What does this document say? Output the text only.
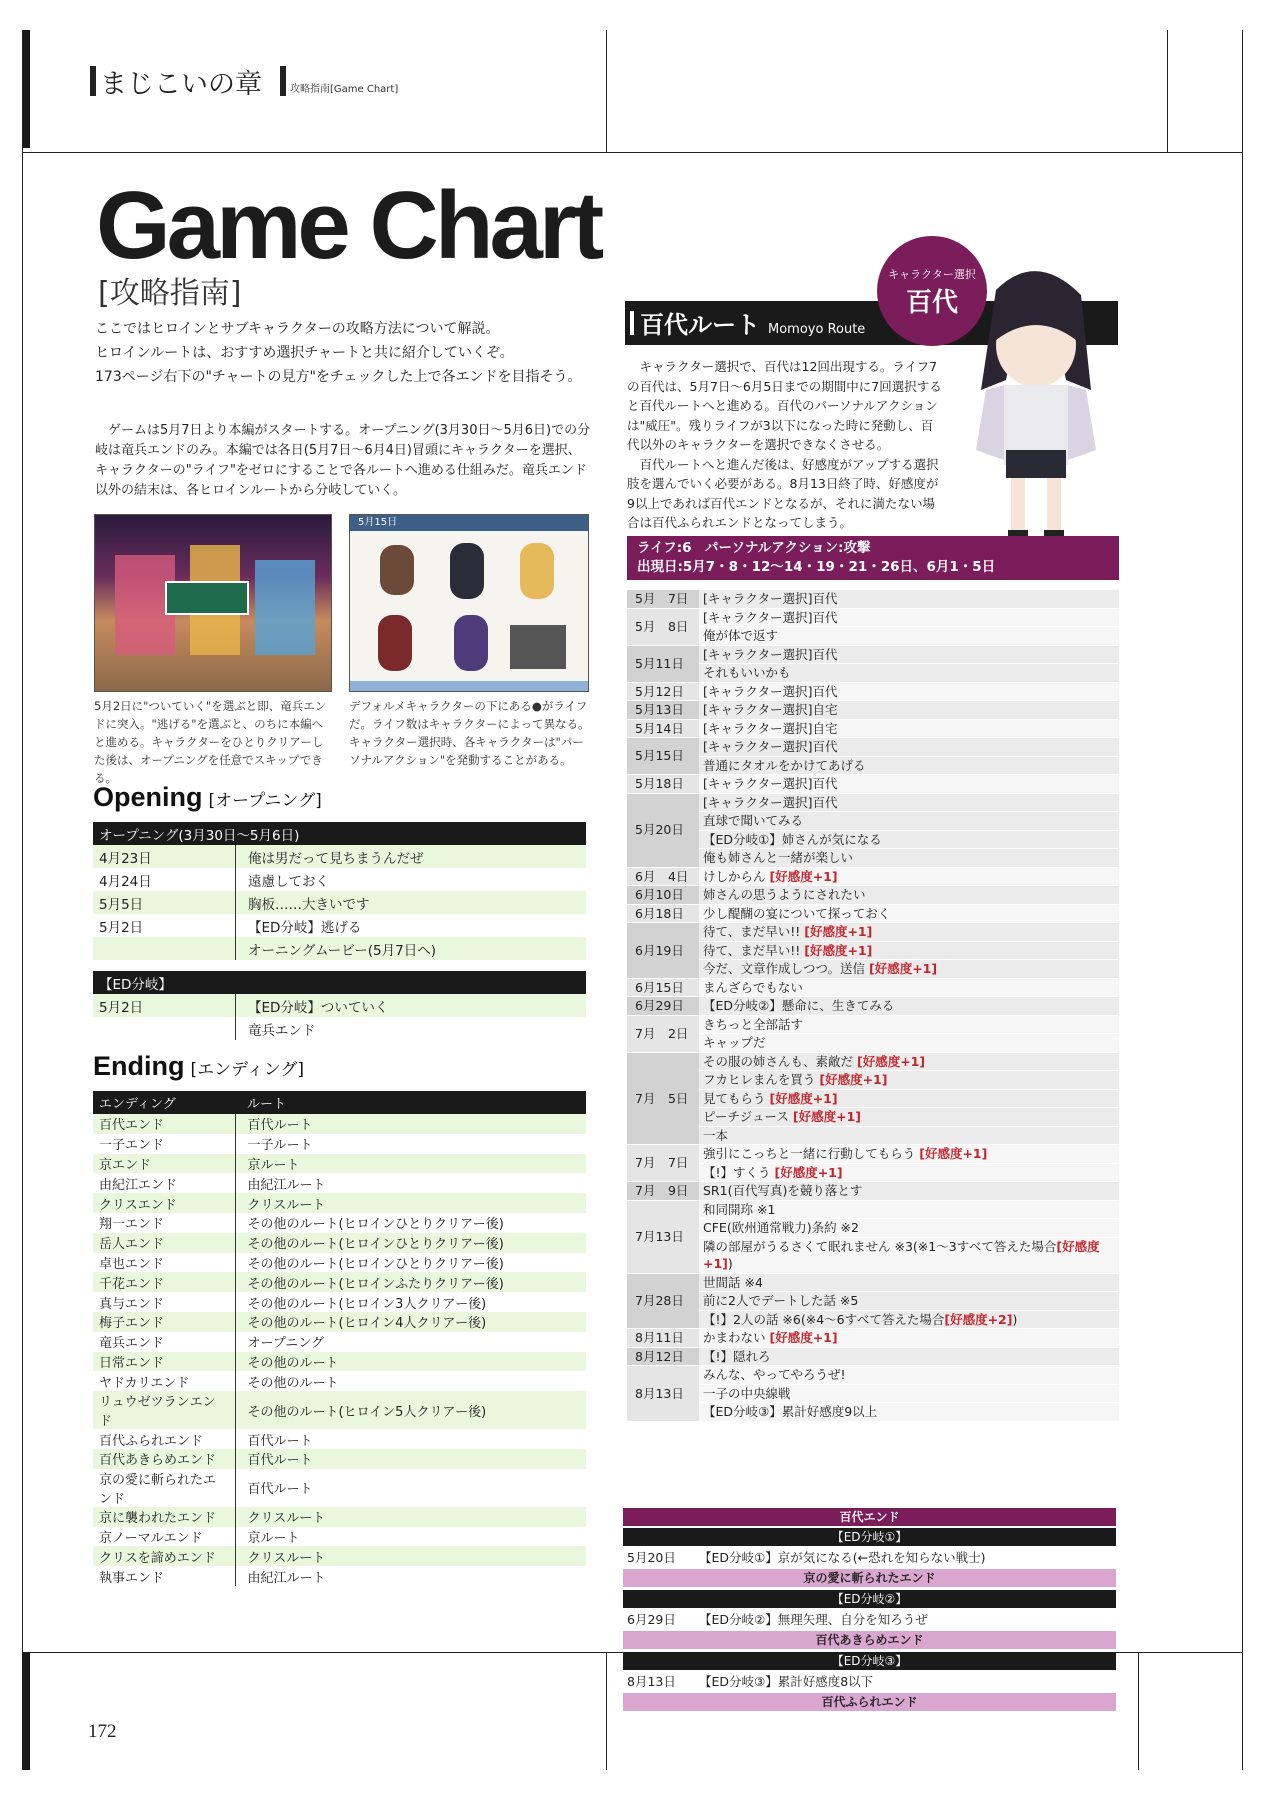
まじこいの章	攻略指南[Game Chart]
Game Chart
[攻略指南]

ここではヒロインとサブキャラクターの攻略方法について解説。

ヒロインルートは、おすすめ選択チャートと共に紹介していくぞ。

173ページ右下の"チャートの見方"をチェックした上で各エンドを目指そう。

ゲームは5月7日より本編がスタートする。オープニング(3月30日～5月6日)での分岐は竜兵エンドのみ。本編では各日(5月7日～6月4日)冒頭にキャラクターを選択、キャラクターの"ライフ"をゼロにすることで各ルートへ進める仕組みだ。竜兵エンド以外の結末は、各ヒロインルートから分岐していく。
5月15日
5月2日に"ついていく"を選ぶと即、竜兵エンドに突入。"逃げる"を選ぶと、のちに本編へと進める。キャラクターをひとりクリアーした後は、オープニングを任意でスキップできる。
デフォルメキャラクターの下にある●がライフだ。ライフ数はキャラクターによって異なる。キャラクター選択時、各キャラクターは"パーソナルアクション"を発動することがある。
Opening [オープニング]
オープニング(3月30日～5月6日)	
4月23日	俺は男だって見ちまうんだぜ
4月24日	遠慮しておく
5月5日	胸板……大きいです
5月2日	【ED分岐】逃げる
	オーニングムービー(5月7日へ)
【ED分岐】	
5月2日	【ED分岐】ついていく
	竜兵エンド
Ending [エンディング]
エンディング	ルート
百代エンド	百代ルート
一子エンド	一子ルート
京エンド	京ルート
由紀江エンド	由紀江ルート
クリスエンド	クリスルート
翔一エンド	その他のルート(ヒロインひとりクリアー後)
岳人エンド	その他のルート(ヒロインひとりクリアー後)
卓也エンド	その他のルート(ヒロインひとりクリアー後)
千花エンド	その他のルート(ヒロインふたりクリアー後)
真与エンド	その他のルート(ヒロイン3人クリアー後)
梅子エンド	その他のルート(ヒロイン4人クリアー後)
竜兵エンド	オープニング
日常エンド	その他のルート
ヤドカリエンド	その他のルート
リュウゼツランエンド	その他のルート(ヒロイン5人クリアー後)
百代ふられエンド	百代ルート
百代あきらめエンド	百代ルート
京の愛に斬られたエンド	百代ルート
京に襲われたエンド	クリスルート
京ノーマルエンド	京ルート
クリスを諦めエンド	クリスルート
執事エンド	由紀江ルート
百代ルート Momoyo Route
キャラクター選択
百代

キャラクター選択で、百代は12回出現する。ライフ7の百代は、5月7日～6月5日までの期間中に7回選択すると百代ルートへと進める。百代のパーソナルアクションは"威圧"。残りライフが3以下になった時に発動し、百代以外のキャラクターを選択できなくさせる。

百代ルートへと進んだ後は、好感度がアップする選択肢を選んでいく必要がある。8月13日終了時、好感度が9以上であれば百代エンドとなるが、それに満たない場合は百代ふられエンドとなってしまう。

ライフ:6　パーソナルアクション:攻撃
出現日:5月7・8・12～14・19・21・26日、6月1・5日
5月　7日	[キャラクター選択]百代
5月　8日	[キャラクター選択]百代
	俺が体で返す
5月11日	[キャラクター選択]百代
	それもいいかも
5月12日	[キャラクター選択]百代
5月13日	[キャラクター選択]自宅
5月14日	[キャラクター選択]自宅
5月15日	[キャラクター選択]百代
	普通にタオルをかけてあげる
5月18日	[キャラクター選択]百代
5月20日	[キャラクター選択]百代
	直球で聞いてみる
	【ED分岐①】姉さんが気になる
	俺も姉さんと一緒が楽しい
6月　4日	けしからん [好感度+1]
6月10日	姉さんの思うようにされたい
6月18日	少し醍醐の宴について探っておく
6月19日	待て、まだ早い!! [好感度+1]
	待て、まだ早い!! [好感度+1]
	今だ、文章作成しつつ。送信 [好感度+1]
6月15日	まんざらでもない
6月29日	【ED分岐②】懸命に、生きてみる
7月　2日	きちっと全部話す
	キャップだ
7月　5日	その服の姉さんも、素敵だ [好感度+1]
	フカヒレまんを買う [好感度+1]
	見てもらう [好感度+1]
	ピーチジュース [好感度+1]
	一本
7月　7日	強引にこっちと一緒に行動してもらう [好感度+1]
	【!】すくう [好感度+1]
7月　9日	SR1(百代写真)を競り落とす
7月13日	和同開珎 ※1
	CFE(欧州通常戦力)条約 ※2
	隣の部屋がうるさくて眠れません ※3(※1～3すべて答えた場合[好感度+1])
7月28日	世間話 ※4
	前に2人でデートした話 ※5
	【!】2人の話 ※6(※4～6すべて答えた場合[好感度+2])
8月11日	かまわない [好感度+1]
8月12日	【!】隠れろ
8月13日	みんな、やってやろうぜ!
	一子の中央線戦
	【ED分岐③】累計好感度9以上
百代エンド
【ED分岐①】
5月20日	【ED分岐①】京が気になる(←恐れを知らない戦士)
京の愛に斬られたエンド
【ED分岐②】
6月29日	【ED分岐②】無理矢理、自分を知ろうぜ
百代あきらめエンド
【ED分岐③】
8月13日	【ED分岐③】累計好感度8以下
百代ふられエンド
172
